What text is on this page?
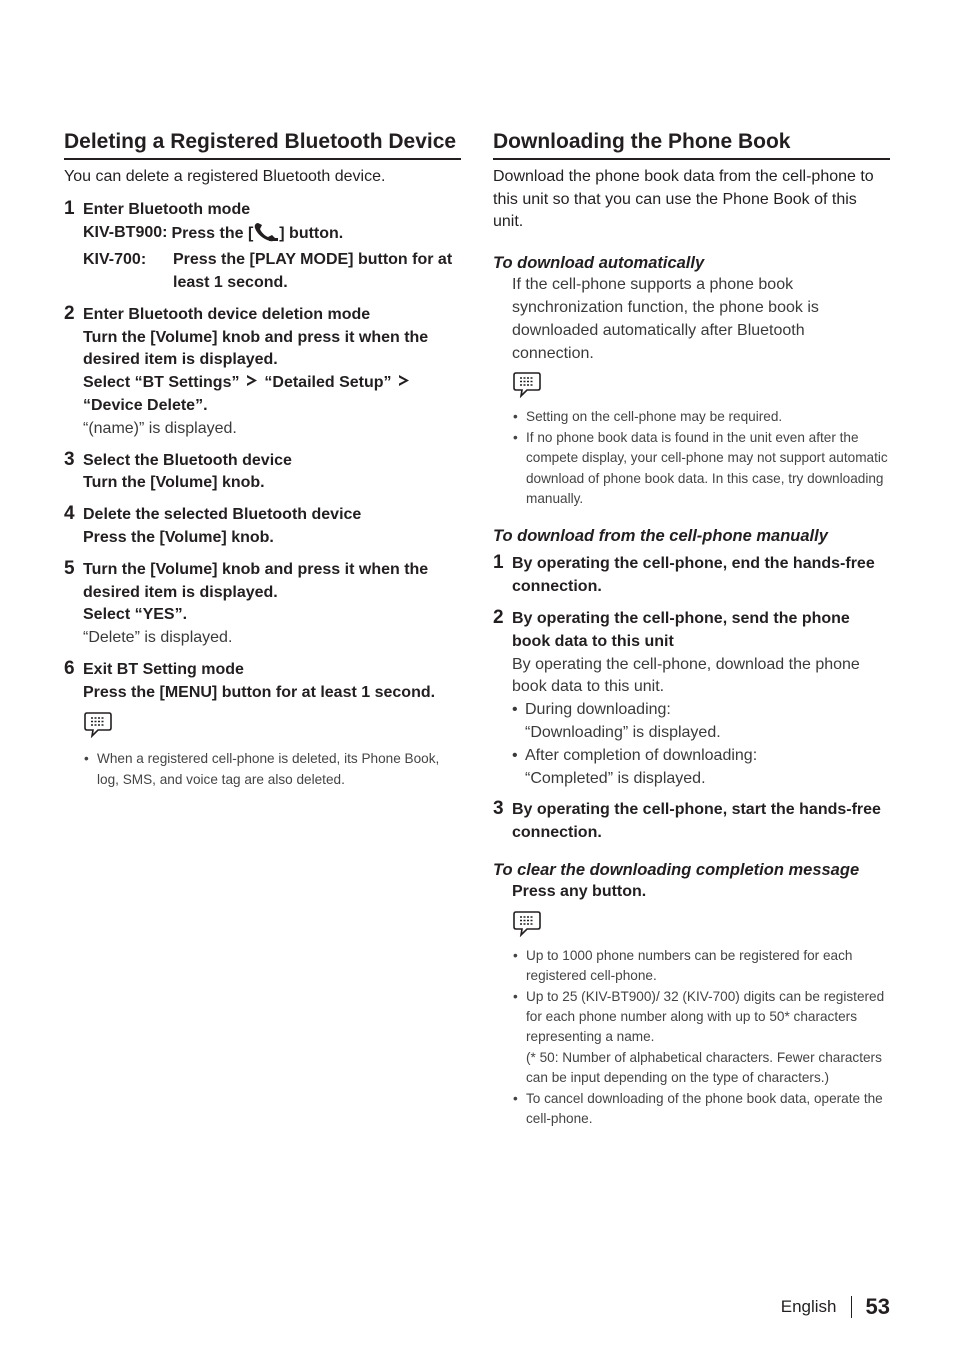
Deleting a Registered Bluetooth Device

You can delete a registered Bluetooth device.

1 Enter Bluetooth mode
KIV-BT900: Press the [ ] button.
KIV-700:	Press the [PLAY MODE] button for at least 1 second.
2 Enter Bluetooth device deletion mode
Turn the [Volume] knob and press it when the desired item is displayed.
Select “BT Settings” “Detailed Setup”
“Device Delete”.
“(name)” is displayed.
3 Select the Bluetooth device
Turn the [Volume] knob.
4 Delete the selected Bluetooth device
Press the [Volume] knob.
5 Turn the [Volume] knob and press it when the desired item is displayed.
Select “YES”.
“Delete” is displayed.
6 Exit BT Setting mode
Press the [MENU] button for at least 1 second.
• When a registered cell-phone is deleted, its Phone Book, log, SMS, and voice tag are also deleted.
Downloading the Phone Book

Download the phone book data from the cell-phone to this unit so that you can use the Phone Book of this unit.

To download automatically
If the cell-phone supports a phone book synchronization function, the phone book is downloaded automatically after Bluetooth connection.
• Setting on the cell-phone may be required.
• If no phone book data is found in the unit even after the compete display, your cell-phone may not support automatic download of phone book data. In this case, try downloading manually.
To download from the cell-phone manually
1 By operating the cell-phone, end the hands-free connection.
2 By operating the cell-phone, send the phone book data to this unit
By operating the cell-phone, download the phone book data to this unit.
• During downloading:
“Downloading” is displayed.
• After completion of downloading:
“Completed” is displayed.
3 By operating the cell-phone, start the hands-free connection.
To clear the downloading completion message
Press any button.
• Up to 1000 phone numbers can be registered for each registered cell-phone.
• Up to 25 (KIV-BT900)/ 32 (KIV-700) digits can be registered for each phone number along with up to 50* characters representing a name.
(* 50: Number of alphabetical characters. Fewer characters can be input depending on the type of characters.)
• To cancel downloading of the phone book data, operate the cell-phone.
English 53
